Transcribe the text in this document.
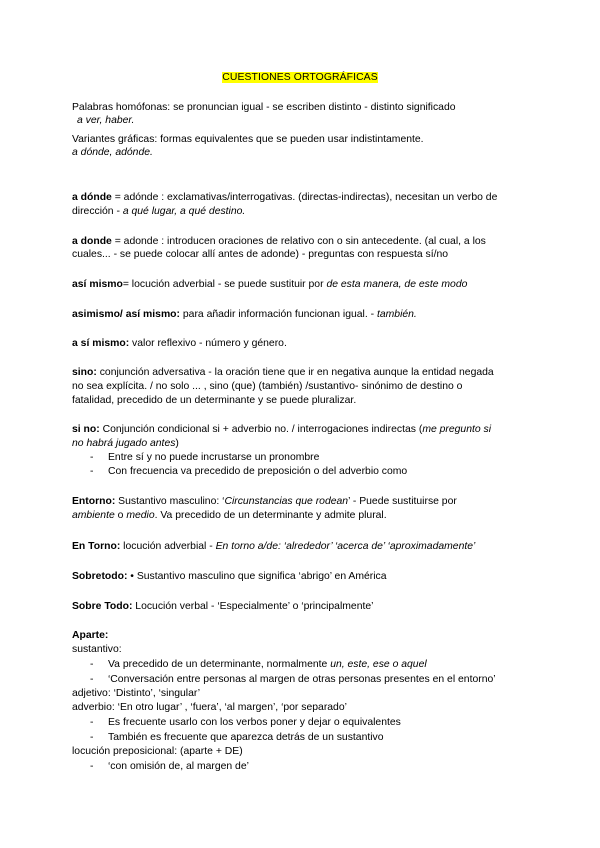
CUESTIONES ORTOGRÁFICAS
Palabras homófonas: se pronuncian igual - se escriben distinto - distinto significado
a ver, haber.
Variantes gráficas: formas equivalentes que se pueden usar indistintamente.
a dónde, adónde.
a dónde = adónde : exclamativas/interrogativas. (directas-indirectas), necesitan un verbo de
dirección - a qué lugar, a qué destino.
a donde = adonde : introducen oraciones de relativo con o sin antecedente. (al cual, a los
cuales... - se puede colocar allí antes de adonde) - preguntas con respuesta sí/no
así mismo= locución adverbial - se puede sustituir por de esta manera, de este modo
asimismo/ así mismo: para añadir información funcionan igual. - también.
a sí mismo: valor reflexivo - número y género.
sino: conjunción adversativa - la oración tiene que ir en negativa aunque la entidad negada
no sea explícita. / no solo ... , sino (que) (también) /sustantivo- sinónimo de destino o
fatalidad, precedido de un determinante y se puede pluralizar.
si no: Conjunción condicional si + adverbio no. / interrogaciones indirectas (me pregunto si
no habrá jugado antes)
- Entre sí y no puede incrustarse un pronombre
- Con frecuencia va precedido de preposición o del adverbio como
Entorno: Sustantivo masculino: ‘Circunstancias que rodean’ - Puede sustituirse por
ambiente o medio. Va precedido de un determinante y admite plural.
En Torno: locución adverbial - En torno a/de: ‘alrededor’ ‘acerca de’ ‘aproximadamente’
Sobretodo: • Sustantivo masculino que significa ‘abrigo’ en América
Sobre Todo: Locución verbal - ‘Especialmente’ o ‘principalmente’
Aparte:
sustantivo:
- Va precedido de un determinante, normalmente un, este, ese o aquel
- ‘Conversación entre personas al margen de otras personas presentes en el entorno’
adjetivo: ‘Distinto’, ‘singular’
adverbio: ‘En otro lugar’ , ‘fuera’, ‘al margen’, ‘por separado’
- Es frecuente usarlo con los verbos poner y dejar o equivalentes
- También es frecuente que aparezca detrás de un sustantivo
locución preposicional: (aparte + DE)
- ‘con omisión de, al margen de’
